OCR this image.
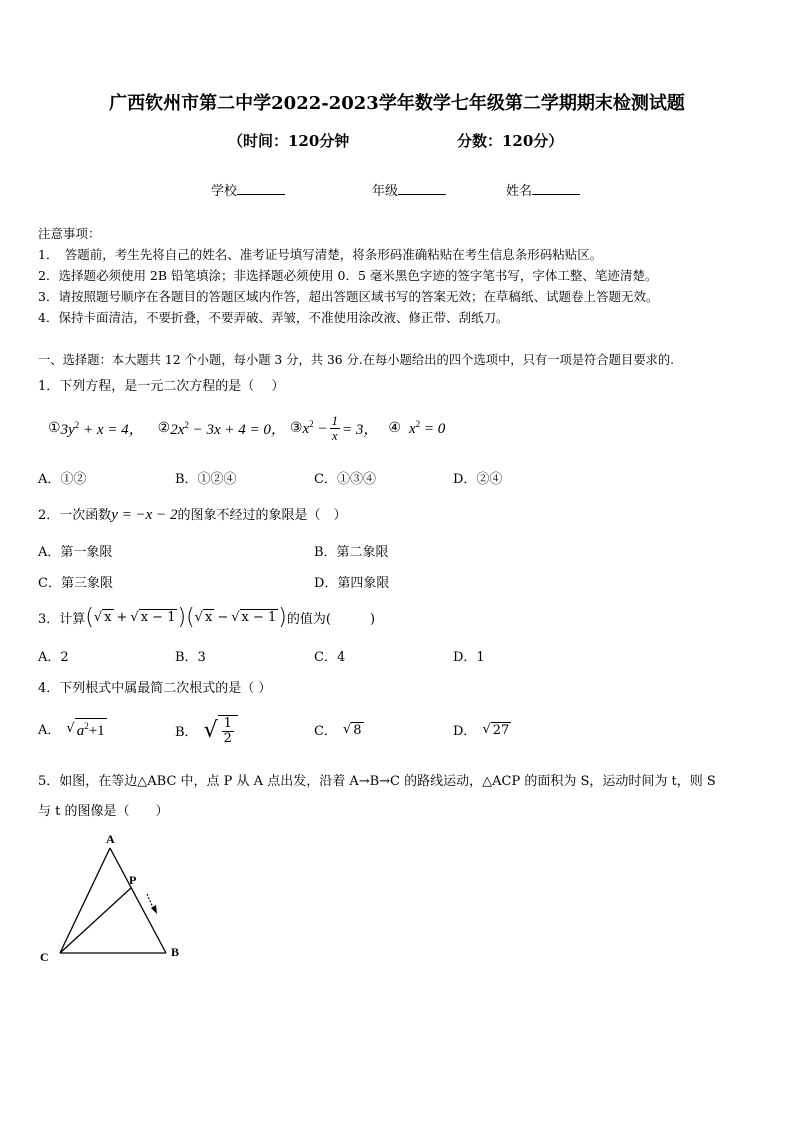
广西钦州市第二中学2022-2023学年数学七年级第二学期期末检测试题
（时间：120分钟	分数：120分）
学校	年级	姓名
注意事项：
1．　答题前，考生先将自己的姓名、准考证号填写清楚，将条形码准确粘贴在考生信息条形码粘贴区。
2．选择题必须使用 2B 铅笔填涂；非选择题必须使用 0．5 毫米黑色字迹的签字笔书写，字体工整、笔迹清楚。
3．请按照题号顺序在各题目的答题区域内作答，超出答题区域书写的答案无效；在草稿纸、试题卷上答题无效。
4．保持卡面清洁，不要折叠，不要弄破、弄皱，不准使用涂改液、修正带、刮纸刀。
一、选择题：本大题共 12 个小题，每小题 3 分，共 36 分.在每小题给出的四个选项中，只有一项是符合题目要求的.
1．下列方程，是一元二次方程的是（　 ）
① $3y^2 + x = 4$， ② $2x^2 - 3x + 4 = 0$， ③ $x^2 - \frac{1}{x} = 3$， ④ $x^2 = 0$
A．①②	B．①②④	C．①③④	D．②④
2．一次函数y = −x − 2的图象不经过的象限是（　）
A．第一象限	B．第二象限
C．第三象限	D．第四象限
3．计算 ( √ x + √ x − 1 ) ( √ x − √ x − 1 ) 的值为(　　　)
A．2	B．3	C．4	D．1
4．下列根式中属最简二次根式的是（ ）
A． √ $a^2+1$	B． √ $\frac{1}{2}$	C． √ 8	D． √ 27
5．如图，在等边△ABC 中，点 P 从 A 点出发，沿着 A→B→C 的路线运动，△ACP 的面积为 S，运动时间为 t，则 S
与 t 的图像是（　　）
A
C	B
P
